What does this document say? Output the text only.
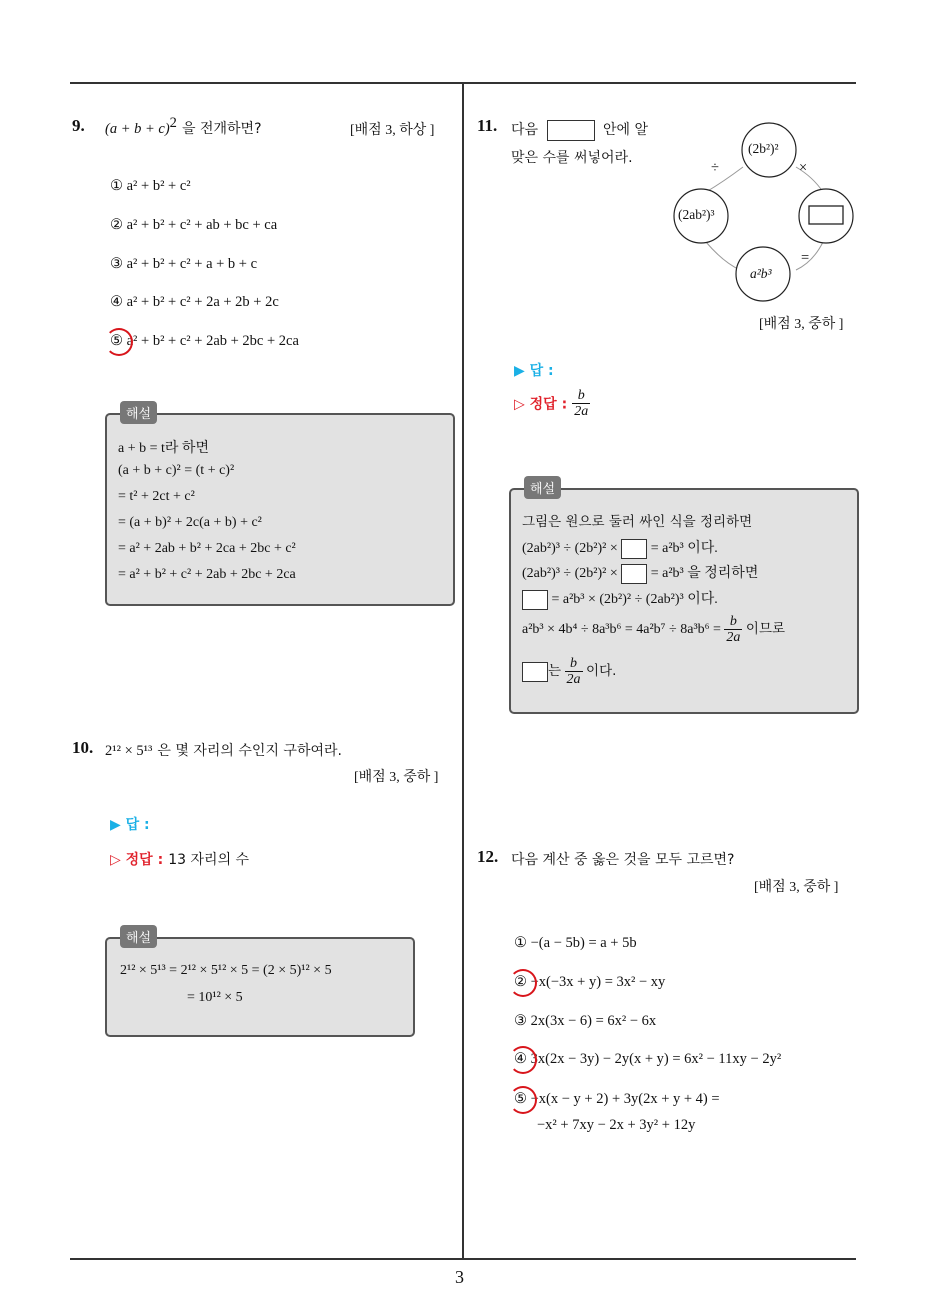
3
9. $(a + b + c)^2$ 을 전개하면?	[배점 3, 하상 ]
① a² + b² + c²
② a² + b² + c² + ab + bc + ca
③ a² + b² + c² + a + b + c
④ a² + b² + c² + 2a + 2b + 2c
⑤ a² + b² + c² + 2ab + 2bc + 2ca
해설
a + b = t라 하면
(a + b + c)² = (t + c)²
= t² + 2ct + c²
= (a + b)² + 2c(a + b) + c²
= a² + 2ab + b² + 2ca + 2bc + c²
= a² + b² + c² + 2ab + 2bc + 2ca
10. 2¹² × 5¹³ 은 몇 자리의 수인지 구하여라.
[배점 3, 중하 ]
▶ 답 :
▷ 정답 : 13 자리의 수
해설
2¹² × 5¹³ = 2¹² × 5¹² × 5 = (2 × 5)¹² × 5
= 10¹² × 5
11. 다음	안에 알
맞은 수를 써넣어라.
(2b²)²
(2ab²)³
a²b³
÷	×
=
[배점 3, 중하 ]
▶ 답 :
▷ 정답 : $\frac{b}{2a}$
해설
그림은 원으로 둘러 싸인 식을 정리하면
(2ab²)³ ÷ (2b²)² × = a²b³ 이다.
(2ab²)³ ÷ (2b²)² × = a²b³ 을 정리하면
= a²b³ × (2b²)² ÷ (2ab²)³ 이다.
$a^2b^3 \times 4b^4 \div 8a^3b^6 = 4a^2b^7 \div 8a^3b^6 = \frac{b}{2a}$ 이므로
는 $\frac{b}{2a}$ 이다.
12. 다음 계산 중 옳은 것을 모두 고르면?
[배점 3, 중하 ]
① −(a − 5b) = a + 5b
② −x(−3x + y) = 3x² − xy
③ 2x(3x − 6) = 6x² − 6x
④ 3x(2x − 3y) − 2y(x + y) = 6x² − 11xy − 2y²
⑤ −x(x − y + 2) + 3y(2x + y + 4) =
−x² + 7xy − 2x + 3y² + 12y
